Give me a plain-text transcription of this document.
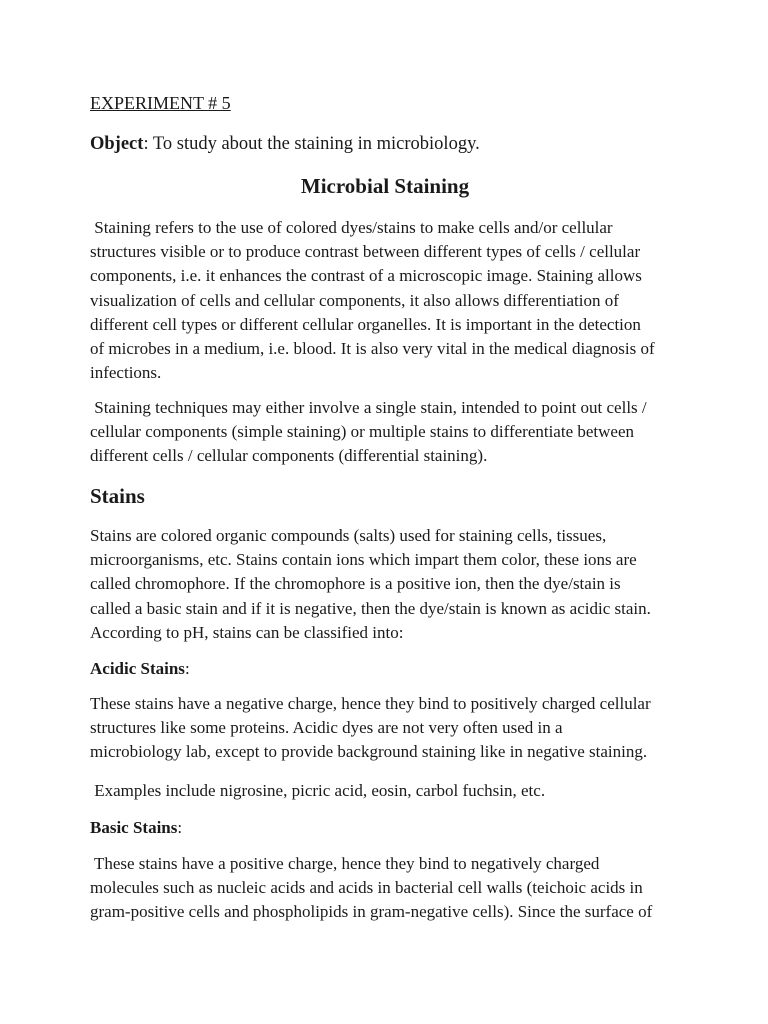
EXPERIMENT # 5
Object: To study about the staining in microbiology.
Microbial Staining

Staining refers to the use of colored dyes/stains to make cells and/or cellular
structures visible or to produce contrast between different types of cells / cellular
components, i.e. it enhances the contrast of a microscopic image. Staining allows
visualization of cells and cellular components, it also allows differentiation of
different cell types or different cellular organelles. It is important in the detection
of microbes in a medium, i.e. blood. It is also very vital in the medical diagnosis of
infections.

Staining techniques may either involve a single stain, intended to point out cells /
cellular components (simple staining) or multiple stains to differentiate between
different cells / cellular components (differential staining).

Stains

Stains are colored organic compounds (salts) used for staining cells, tissues,
microorganisms, etc. Stains contain ions which impart them color, these ions are
called chromophore. If the chromophore is a positive ion, then the dye/stain is
called a basic stain and if it is negative, then the dye/stain is known as acidic stain.
According to pH, stains can be classified into:

Acidic Stains:

These stains have a negative charge, hence they bind to positively charged cellular
structures like some proteins. Acidic dyes are not very often used in a
microbiology lab, except to provide background staining like in negative staining.

Examples include nigrosine, picric acid, eosin, carbol fuchsin, etc.

Basic Stains:

These stains have a positive charge, hence they bind to negatively charged
molecules such as nucleic acids and acids in bacterial cell walls (teichoic acids in
gram-positive cells and phospholipids in gram-negative cells). Since the surface of
